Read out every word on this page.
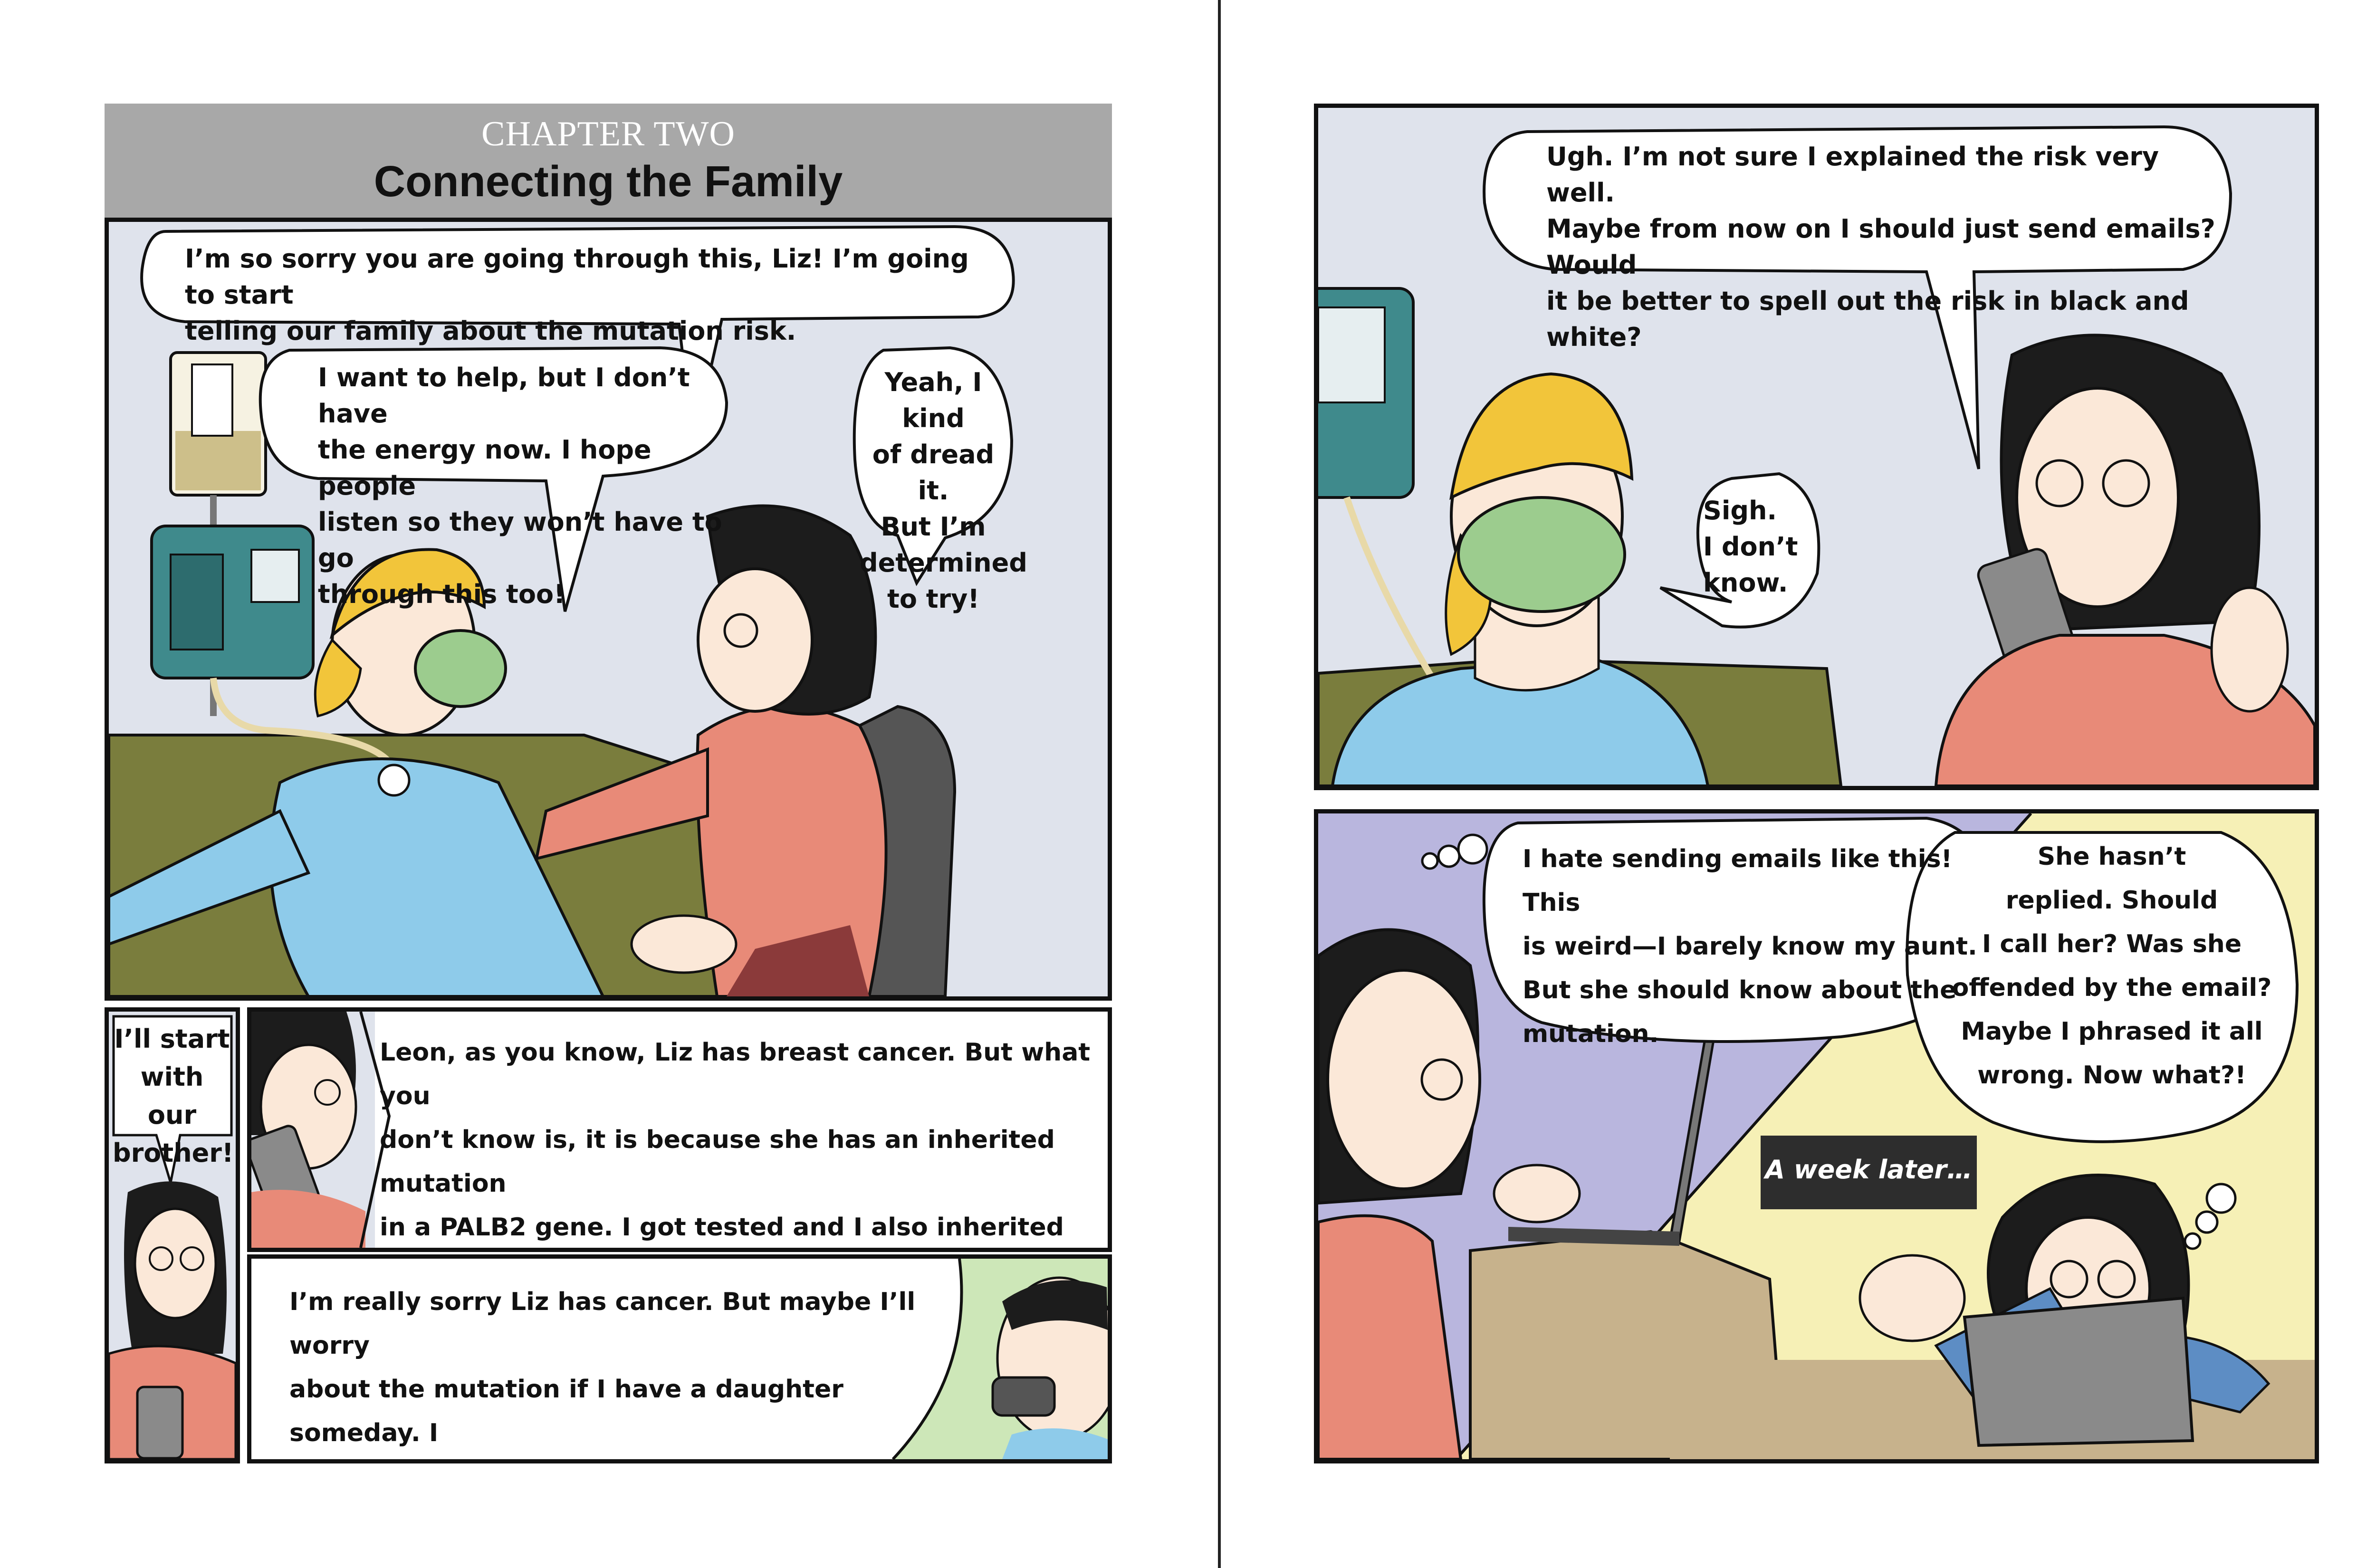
CHAPTER TWO
Connecting the Family
I’m so sorry you are going through this, Liz! I’m going to start
telling our family about the mutation risk.
I want to help, but I don’t have
the energy now. I hope people
listen so they won’t have to go
through this too!
Yeah, I kind
of dread it.
But I’m
determined
to try!
I’ll start
with our
brother!
Leon, as you know, Liz has breast cancer. But what you
don’t know is, it is because she has an inherited mutation
in a PALB2 gene. I got tested and I also inherited

I’m really sorry Liz has cancer. But maybe I’ll worry
about the mutation if I have a daughter someday. I

Ugh. I’m not sure I explained the risk very well.
Maybe from now on I should just send emails? Would
it be better to spell out the risk in black and white?
Sigh.
I don’t
know.
I hate sending emails like this! This
is weird—I barely know my aunt.
But she should know about the
mutation.
She hasn’t
replied. Should
I call her? Was she
offended by the email?
Maybe I phrased it all
wrong. Now what?!
A week later…
